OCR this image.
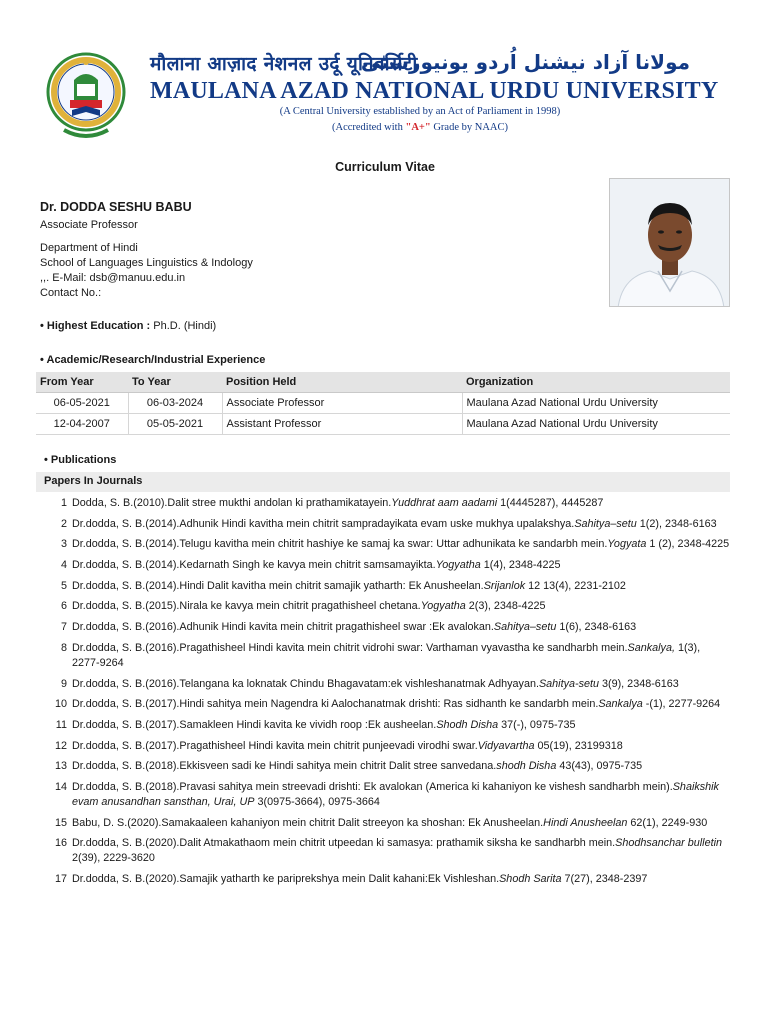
मौलाना आज़ाद नेशनल उर्दू यूनिवर्सिटी
مولانا آزاد نیشنل اُردو یونیورسٹی
MAULANA AZAD NATIONAL URDU UNIVERSITY
(A Central University established by an Act of Parliament in 1998)
(Accredited with "A+" Grade by NAAC)
Curriculum Vitae
Dr. DODDA SESHU BABU
Associate Professor
Department of Hindi
School of Languages Linguistics & Indology
,,. E-Mail: dsb@manuu.edu.in
Contact No.:
• Highest Education : Ph.D. (Hindi)
• Academic/Research/Industrial Experience
From Year	To Year	Position Held	Organization
06-05-2021	06-03-2024	Associate Professor	Maulana Azad National Urdu University
12-04-2007	05-05-2021	Assistant Professor	Maulana Azad National Urdu University
• Publications
Papers In Journals
1 Dodda, S. B.(2010).Dalit stree mukthi andolan ki prathamikatayein.Yuddhrat aam aadami 1(4445287), 4445287
2 Dr.dodda, S. B.(2014).Adhunik Hindi kavitha mein chitrit sampradayikata evam uske mukhya upalakshya.Sahitya–setu 1(2), 2348-6163
3 Dr.dodda, S. B.(2014).Telugu kavitha mein chitrit hashiye ke samaj ka swar: Uttar adhunikata ke sandarbh mein.Yogyata 1 (2), 2348-4225
4 Dr.dodda, S. B.(2014).Kedarnath Singh ke kavya mein chitrit samsamayikta.Yogyatha 1(4), 2348-4225
5 Dr.dodda, S. B.(2014).Hindi Dalit kavitha mein chitrit samajik yatharth: Ek Anusheelan.Srijanlok 12 13(4), 2231-2102
6 Dr.dodda, S. B.(2015).Nirala ke kavya mein chitrit pragathisheel chetana.Yogyatha 2(3), 2348-4225
7 Dr.dodda, S. B.(2016).Adhunik Hindi kavita mein chitrit pragathisheel swar :Ek avalokan.Sahitya–setu 1(6), 2348-6163
8 Dr.dodda, S. B.(2016).Pragathisheel Hindi kavita mein chitrit vidrohi swar: Varthaman vyavastha ke sandharbh mein.Sankalya, 1(3), 2277-9264
9 Dr.dodda, S. B.(2016).Telangana ka loknatak Chindu Bhagavatam:ek vishleshanatmak Adhyayan.Sahitya-setu 3(9), 2348-6163
10 Dr.dodda, S. B.(2017).Hindi sahitya mein Nagendra ki Aalochanatmak drishti: Ras sidhanth ke sandarbh mein.Sankalya -(1), 2277-9264
11 Dr.dodda, S. B.(2017).Samakleen Hindi kavita ke vividh roop :Ek ausheelan.Shodh Disha 37(-), 0975-735
12 Dr.dodda, S. B.(2017).Pragathisheel Hindi kavita mein chitrit punjeevadi virodhi swar.Vidyavartha 05(19), 23199318
13 Dr.dodda, S. B.(2018).Ekkisveen sadi ke Hindi sahitya mein chitrit Dalit stree sanvedana.shodh Disha 43(43), 0975-735
14 Dr.dodda, S. B.(2018).Pravasi sahitya mein streevadi drishti: Ek avalokan (America ki kahaniyon ke vishesh sandharbh mein).Shaikshik evam anusandhan sansthan, Urai, UP 3(0975-3664), 0975-3664
15 Babu, D. S.(2020).Samakaaleen kahaniyon mein chitrit Dalit streeyon ka shoshan: Ek Anusheelan.Hindi Anusheelan 62(1), 2249-930
16 Dr.dodda, S. B.(2020).Dalit Atmakathaom mein chitrit utpeedan ki samasya: prathamik siksha ke sandharbh mein.Shodhsanchar bulletin 2(39), 2229-3620
17 Dr.dodda, S. B.(2020).Samajik yatharth ke pariprekshya mein Dalit kahani:Ek Vishleshan.Shodh Sarita 7(27), 2348-2397
